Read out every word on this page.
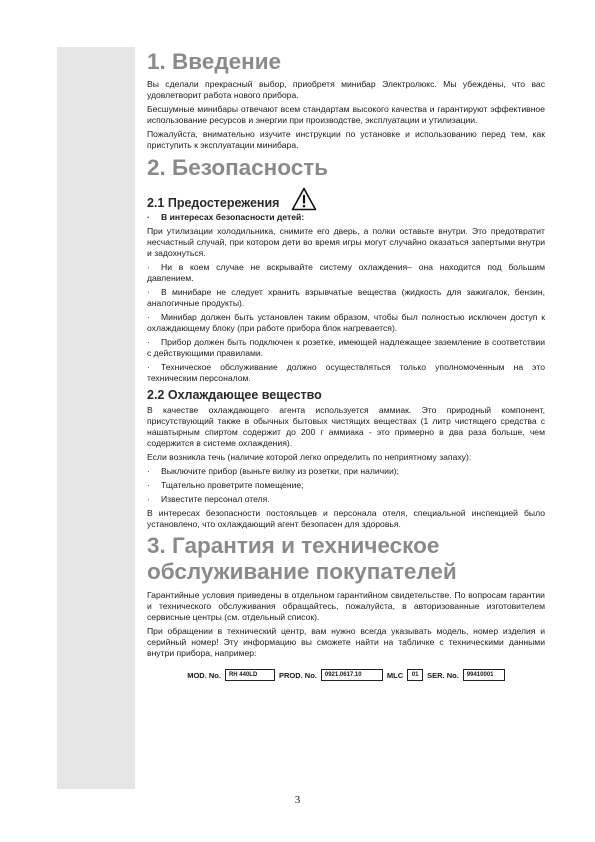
1. Введение

Вы сделали прекрасный выбор, приобретя минибар Электролюкс. Мы убеждены, что вас удовлетворит работа нового прибора.

Бесшумные минибары отвечают всем стандартам высокого качества и гарантируют эффективное использование ресурсов и энергии при производстве, эксплуатации и утилизации.

Пожалуйста, внимательно изучите инструкции по установке и использованию перед тем, как приступить к эксплуатации минибара.

2. Безопасность
2.1 Предостережения

· В интересах безопасности детей:

При утилизации холодильника, снимите его дверь, а полки оставьте внутри. Это предотвратит несчастный случай, при котором дети во время игры могут случайно оказаться запертыми внутри и задохнуться.

· Ни в коем случае не вскрывайте систему охлаждения– она находится под большим давлением.

· В минибаре не следует хранить взрывчатые вещества (жидкость для зажигалок, бензин, аналогичные продукты).

· Минибар должен быть установлен таким образом, чтобы был полностью исключен доступ к охлаждающему блоку (при работе прибора блок нагревается).

· Прибор должен быть подключен к розетке, имеющей надлежащее заземление в соответствии с действующими правилами.

· Техническое обслуживание должно осуществляться только уполномоченным на это техническим персоналом.

2.2 Охлаждающее вещество

В качестве охлаждающего агента используется аммиак. Это природный компонент, присутствующий также в обычных бытовых чистящих веществах (1 литр чистящего средства с нашатырным спиртом содержит до 200 г аммиака - это примерно в два раза больше, чем содержится в системе охлаждения).

Если возникла течь (наличие которой легко определить по неприятному запаху):

· Выключите прибор (выньте вилку из розетки, при наличии);

· Тщательно проветрите помещение;

· Известите персонал отеля.

В интересах безопасности постояльцев и персонала отеля, специальной инспекцией было установлено, что охлаждающий агент безопасен для здоровья.

3. Гарантия и техническое
обслуживание покупателей

Гарантийные условия приведены в отдельном гарантийном свидетельстве. По вопросам гарантии и технического обслуживания обращайтесь, пожалуйста, в авторизованные изготовителем сервисные центры (см. отдельный список).

При обращении в технический центр, вам нужно всегда указывать модель, номер изделия и серийный номер! Эту информацию вы сможете найти на табличке с техническими данными внутри прибора, например:

MOD. No.	RH 440LD	PROD. No.	0921.0617.10	MLC	01	SER. No.	99410001
3
